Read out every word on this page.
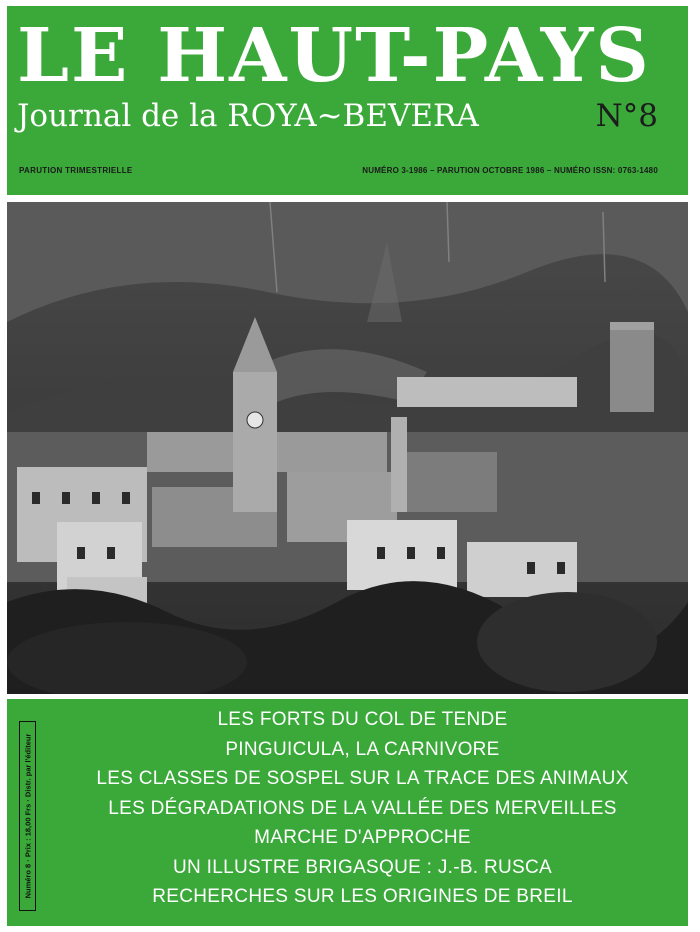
LE HAUT-PAYS
Journal de la ROYA~BEVERA	N°8
PARUTION TRIMESTRIELLE	NUMÉRO 3-1986 – PARUTION OCTOBRE 1986 – NUMÉRO ISSN: 0763-1480
Numéro 8 · Prix : 18,00 Frs · Distr. par l'éditeur
LES FORTS DU COL DE TENDE
PINGUICULA, LA CARNIVORE
LES CLASSES DE SOSPEL SUR LA TRACE DES ANIMAUX
LES DÉGRADATIONS DE LA VALLÉE DES MERVEILLES
MARCHE D'APPROCHE
UN ILLUSTRE BRIGASQUE : J.-B. RUSCA
RECHERCHES SUR LES ORIGINES DE BREIL
